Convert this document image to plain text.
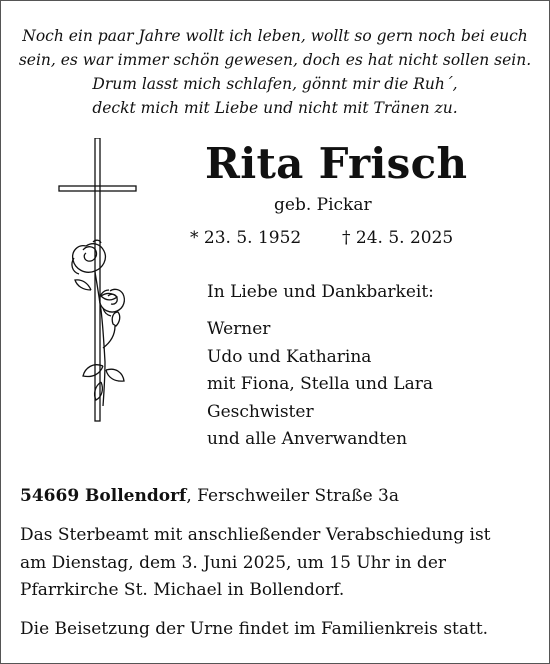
Noch ein paar Jahre wollt ich leben, wollt so gern noch bei euch
sein, es war immer schön gewesen, doch es hat nicht sollen sein.
Drum lasst mich schlafen, gönnt mir die Ruh´,
deckt mich mit Liebe und nicht mit Tränen zu.
Rita Frisch
geb. Pickar
* 23. 5. 1952 † 24. 5. 2025
In Liebe und Dankbarkeit:
Werner
Udo und Katharina
mit Fiona, Stella und Lara
Geschwister
und alle Anverwandten
54669 Bollendorf, Ferschweiler Straße 3a
Das Sterbeamt mit anschließender Verabschiedung ist
am Dienstag, dem 3. Juni 2025, um 15 Uhr in der
Pfarrkirche St. Michael in Bollendorf.
Die Beisetzung der Urne findet im Familienkreis statt.
